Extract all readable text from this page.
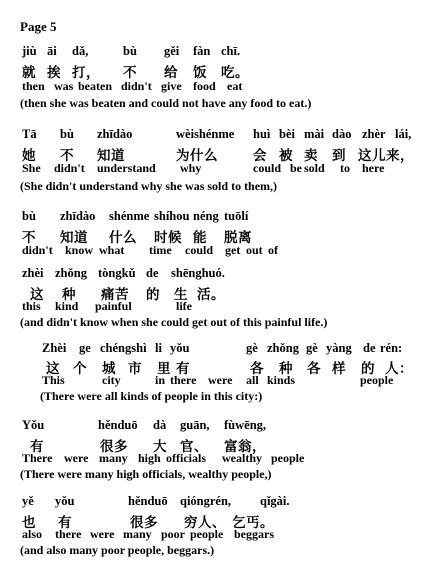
Page 5
jiù āi dǎ,	bù gěi fàn chī.
就 挨 打， 不 给 饭 吃。
then was beaten didn't give food eat
(then she was beaten and could not have any food to eat.)
Tā bù zhīdào	wèishénme huì bèi mài dào zhèr lái,
她 不 知道	为什么	会 被 卖 到 这儿来，
She didn't understand why	could be sold to here
(She didn't understand why she was sold to them,)
bù zhīdào shénme shíhou néng tuōlí
不 知道 什么 时候 能 脱离
didn't know what time could get out of
zhèi zhǒng tòngkǔ de shēnghuó.
这 种 痛苦 的 生 活。
this kind painful	life
(and didn't know when she could get out of this painful life.)
Zhèi ge chéngshì li yǒu	gè zhǒng gè yàng de rén:
这 个 城 市 里 有	各 种 各 样 的 人：
This	city	in there were all kinds	people
(There were all kinds of people in this city:)
Yǒu	hěnduō dà guān, fùwēng,
有	很多 大 官、 富翁，
There were many high officials wealthy people
(There were many high officials, wealthy people,)
yě yǒu	hěnduō qióngrén, qǐgài.
也 有	很多 穷人、 乞丐。
also there were many poor people beggars
(and also many poor people, beggars.)
